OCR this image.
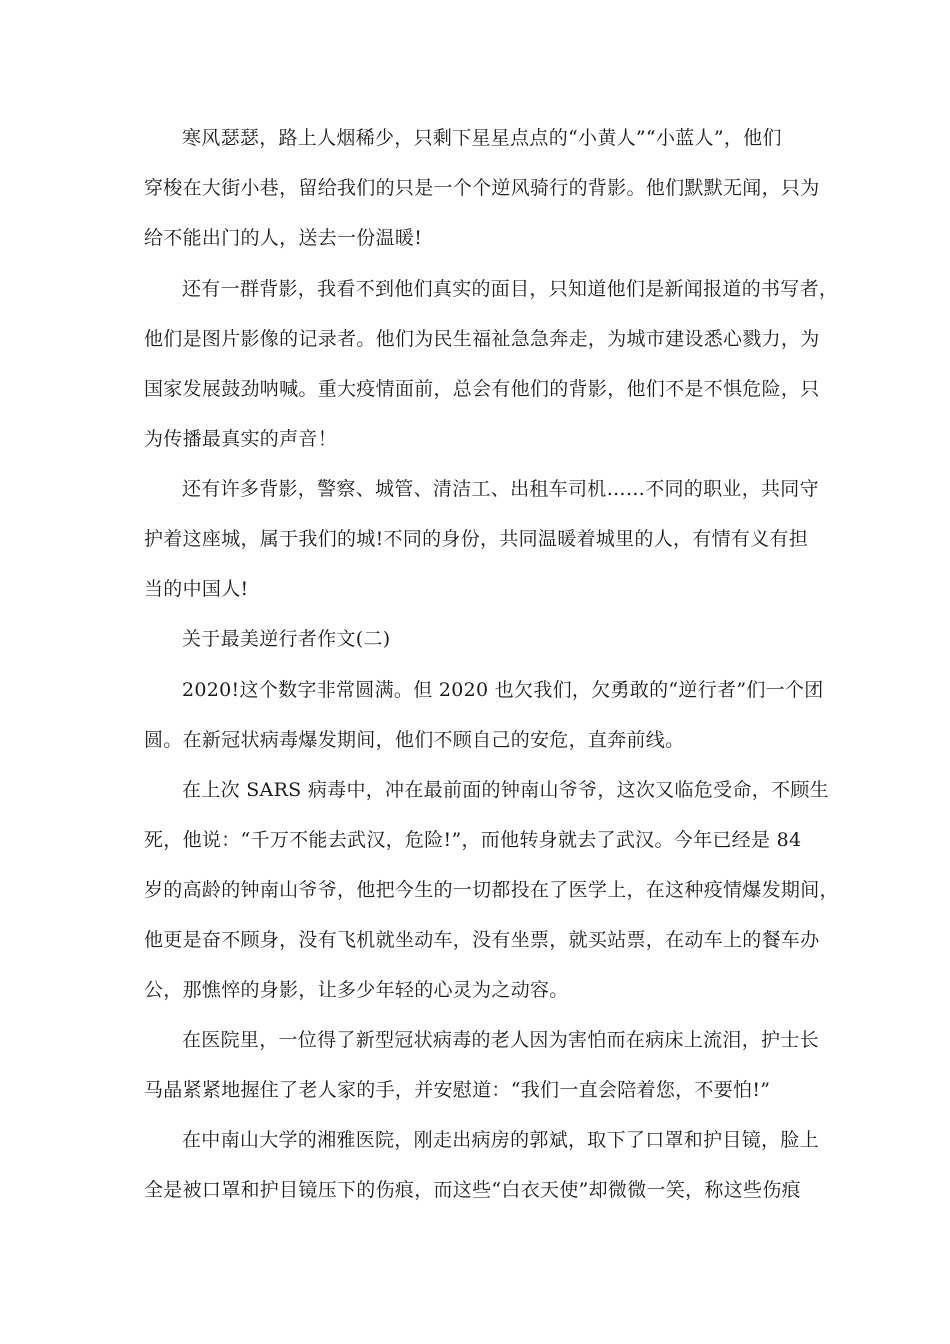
寒风瑟瑟，路上人烟稀少，只剩下星星点点的“小黄人”“小蓝人”，他们
穿梭在大街小巷，留给我们的只是一个个逆风骑行的背影。他们默默无闻，只为
给不能出门的人，送去一份温暖!
还有一群背影，我看不到他们真实的面目，只知道他们是新闻报道的书写者，
他们是图片影像的记录者。他们为民生福祉急急奔走，为城市建设悉心戮力，为
国家发展鼓劲呐喊。重大疫情面前，总会有他们的背影，他们不是不惧危险，只
为传播最真实的声音！
还有许多背影，警察、城管、清洁工、出租车司机……不同的职业，共同守
护着这座城，属于我们的城!不同的身份，共同温暖着城里的人，有情有义有担
当的中国人!
关于最美逆行者作文(二)
2020!这个数字非常圆满。但 2020 也欠我们，欠勇敢的“逆行者”们一个团
圆。在新冠状病毒爆发期间，他们不顾自己的安危，直奔前线。
在上次 SARS 病毒中，冲在最前面的钟南山爷爷，这次又临危受命，不顾生
死，他说：“千万不能去武汉，危险!”，而他转身就去了武汉。今年已经是 84
岁的高龄的钟南山爷爷，他把今生的一切都投在了医学上，在这种疫情爆发期间，
他更是奋不顾身，没有飞机就坐动车，没有坐票，就买站票，在动车上的餐车办
公，那憔悴的身影，让多少年轻的心灵为之动容。
在医院里，一位得了新型冠状病毒的老人因为害怕而在病床上流泪，护士长
马晶紧紧地握住了老人家的手，并安慰道：“我们一直会陪着您，不要怕!”
在中南山大学的湘雅医院，刚走出病房的郭斌，取下了口罩和护目镜，脸上
全是被口罩和护目镜压下的伤痕，而这些“白衣天使”却微微一笑，称这些伤痕
